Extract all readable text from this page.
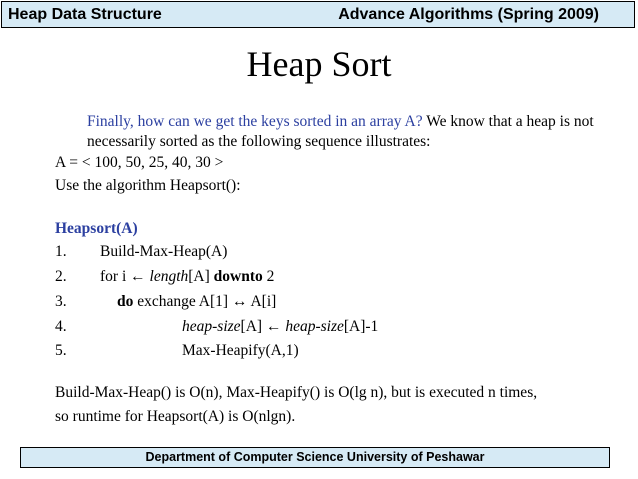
Heap Data Structure	Advance Algorithms (Spring 2009)
Heap Sort
Finally, how can we get the keys sorted in an array A? We know that a heap is not necessarily sorted as the following sequence illustrates:
A = < 100, 50, 25, 40, 30 >
Use the algorithm Heapsort():
Heapsort(A)
1. Build-Max-Heap(A)
2. for i ← length[A] downto 2
3.	do exchange A[1] ↔ A[i]
4.	heap-size[A] ← heap-size[A]-1
5.	Max-Heapify(A,1)
Build-Max-Heap() is O(n), Max-Heapify() is O(lg n), but is executed n times,
so runtime for Heapsort(A) is O(nlgn).
Department of Computer Science University of Peshawar
